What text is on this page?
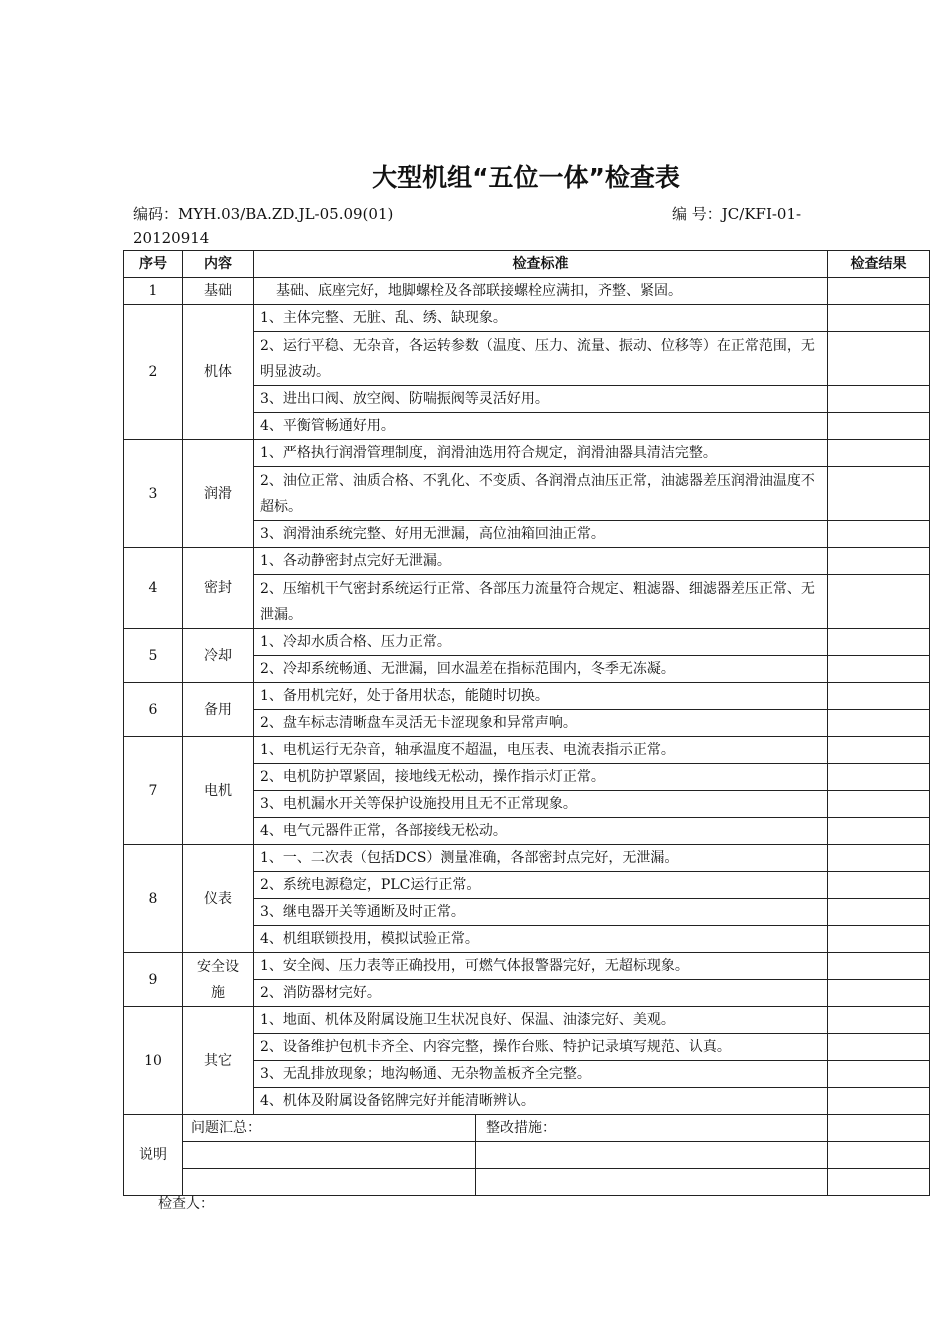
大型机组“五位一体”检查表
编码：MYH.03/BA.ZD.JL-05.09(01)	编 号：JC/KFⅠ-01-
20120914
序号	内容	检查标准		检查结果
1	基础	基础、底座完好，地脚螺栓及各部联接螺栓应满扣，齐整、紧固。		
2	机体	1、主体完整、无脏、乱、绣、缺现象。		
		2、运行平稳、无杂音，各运转参数（温度、压力、流量、振动、位移等）在正常范围，无明显波动。		
		3、进出口阀、放空阀、防喘振阀等灵活好用。		
		4、平衡管畅通好用。		
3	润滑	1、严格执行润滑管理制度，润滑油选用符合规定，润滑油器具清洁完整。		
		2、油位正常、油质合格、不乳化、不变质、各润滑点油压正常，油滤器差压润滑油温度不超标。		
		3、润滑油系统完整、好用无泄漏，高位油箱回油正常。		
4	密封	1、各动静密封点完好无泄漏。		
		2、压缩机干气密封系统运行正常、各部压力流量符合规定、粗滤器、细滤器差压正常、无泄漏。		
5	冷却	1、冷却水质合格、压力正常。		
		2、冷却系统畅通、无泄漏，回水温差在指标范围内，冬季无冻凝。		
6	备用	1、备用机完好，处于备用状态，能随时切换。		
		2、盘车标志清晰盘车灵活无卡涩现象和异常声响。		
7	电机	1、电机运行无杂音，轴承温度不超温，电压表、电流表指示正常。		
		2、电机防护罩紧固，接地线无松动，操作指示灯正常。		
		3、电机漏水开关等保护设施投用且无不正常现象。		
		4、电气元器件正常，各部接线无松动。		
8	仪表	1、一、二次表（包括DCS）测量准确，各部密封点完好，无泄漏。		
		2、系统电源稳定，PLC运行正常。		
		3、继电器开关等通断及时正常。		
		4、机组联锁投用，模拟试验正常。		
9	安全设施	1、安全阀、压力表等正确投用，可燃气体报警器完好，无超标现象。		
		2、消防器材完好。		
10	其它	1、地面、机体及附属设施卫生状况良好、保温、油漆完好、美观。		
		2、设备维护包机卡齐全、内容完整，操作台账、特护记录填写规范、认真。		
		3、无乱排放现象；地沟畅通、无杂物盖板齐全完整。		
		4、机体及附属设备铭牌完好并能清晰辨认。		
说明	问题汇总：		整改措施：	

检查人：
